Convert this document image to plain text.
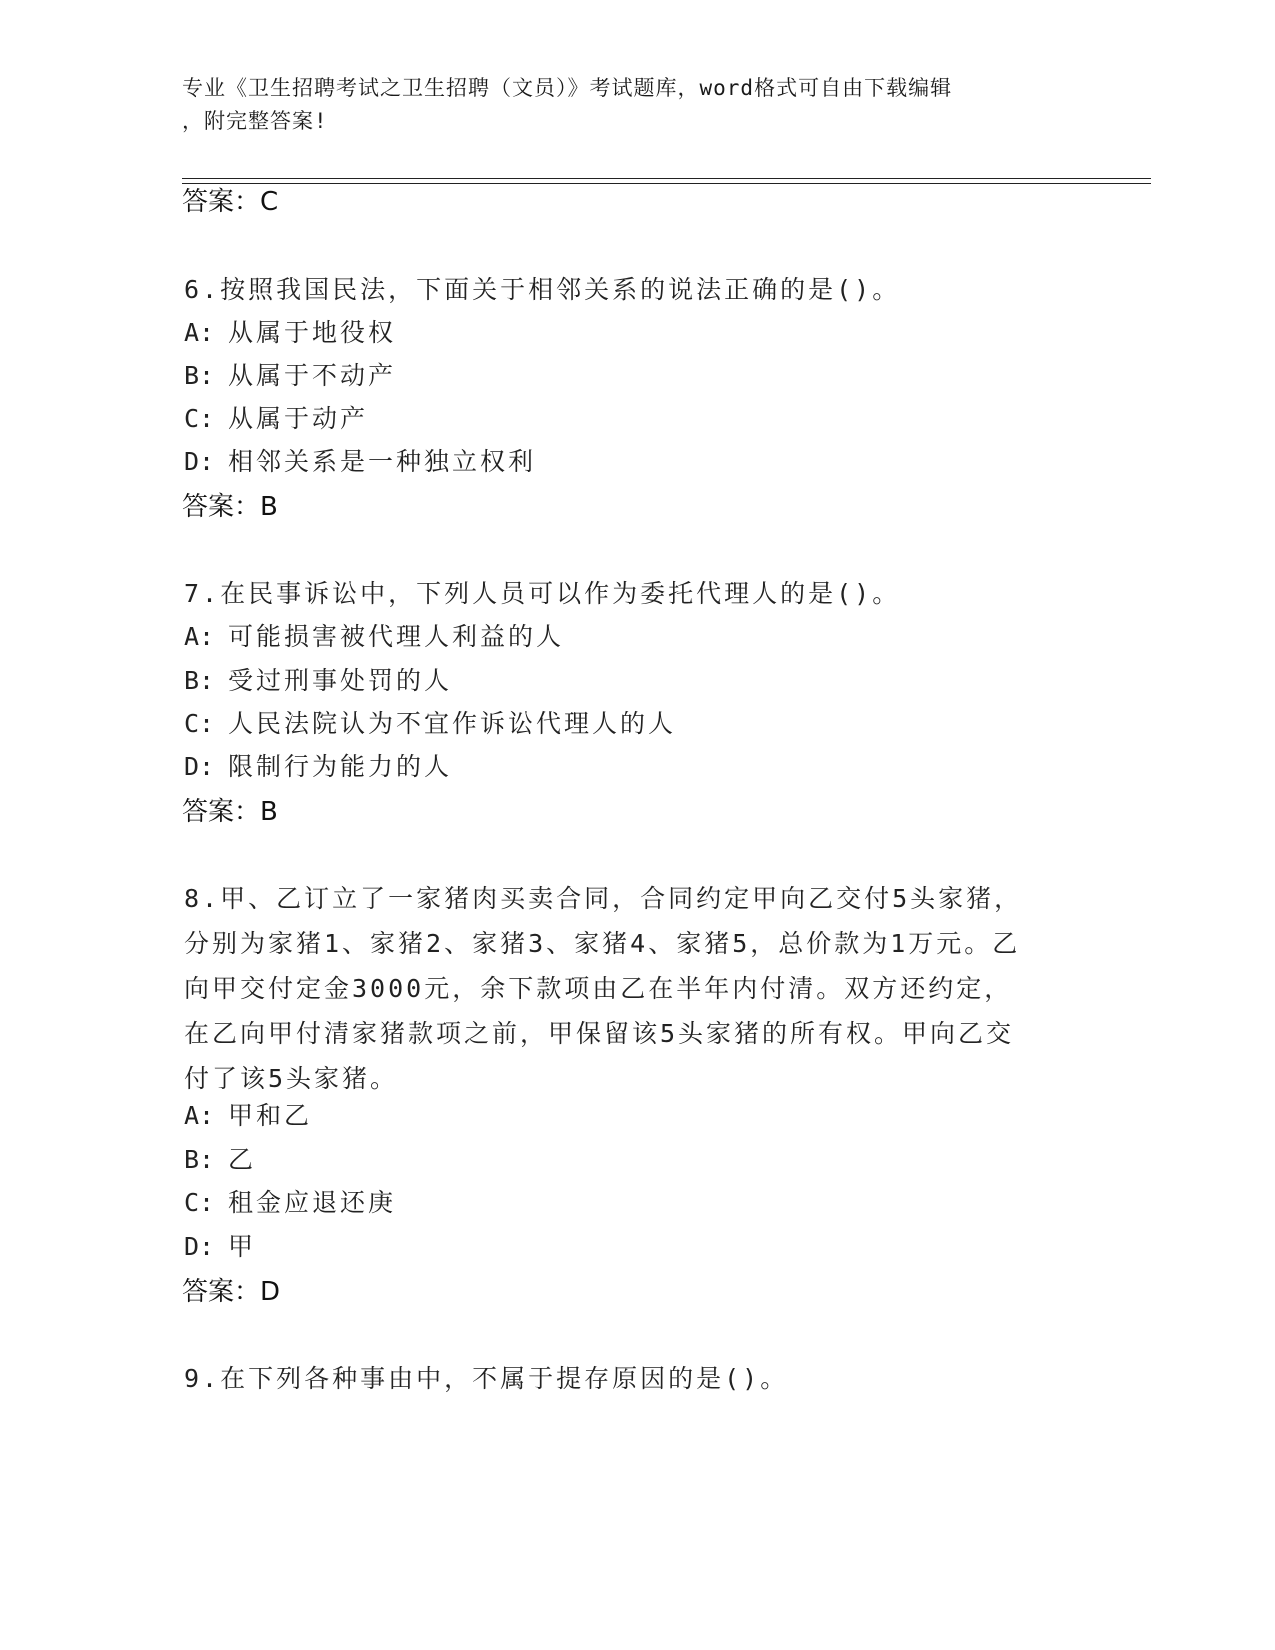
专业《卫生招聘考试之卫生招聘（文员）》考试题库，word格式可自由下载编辑
，附完整答案!
答案：C
6.按照我国民法，下面关于相邻关系的说法正确的是()。
A: 从属于地役权
B: 从属于不动产
C: 从属于动产
D: 相邻关系是一种独立权利
答案：B
7.在民事诉讼中，下列人员可以作为委托代理人的是()。
A: 可能损害被代理人利益的人
B: 受过刑事处罚的人
C: 人民法院认为不宜作诉讼代理人的人
D: 限制行为能力的人
答案：B
8.甲、乙订立了一家猪肉买卖合同，合同约定甲向乙交付5头家猪，分别为家猪1、家猪2、家猪3、家猪4、家猪5，总价款为1万元。乙向甲交付定金3000元，余下款项由乙在半年内付清。双方还约定，在乙向甲付清家猪款项之前，甲保留该5头家猪的所有权。甲向乙交付了该5头家猪。
A: 甲和乙
B: 乙
C: 租金应退还庚
D: 甲
答案：D
9.在下列各种事由中，不属于提存原因的是()。
